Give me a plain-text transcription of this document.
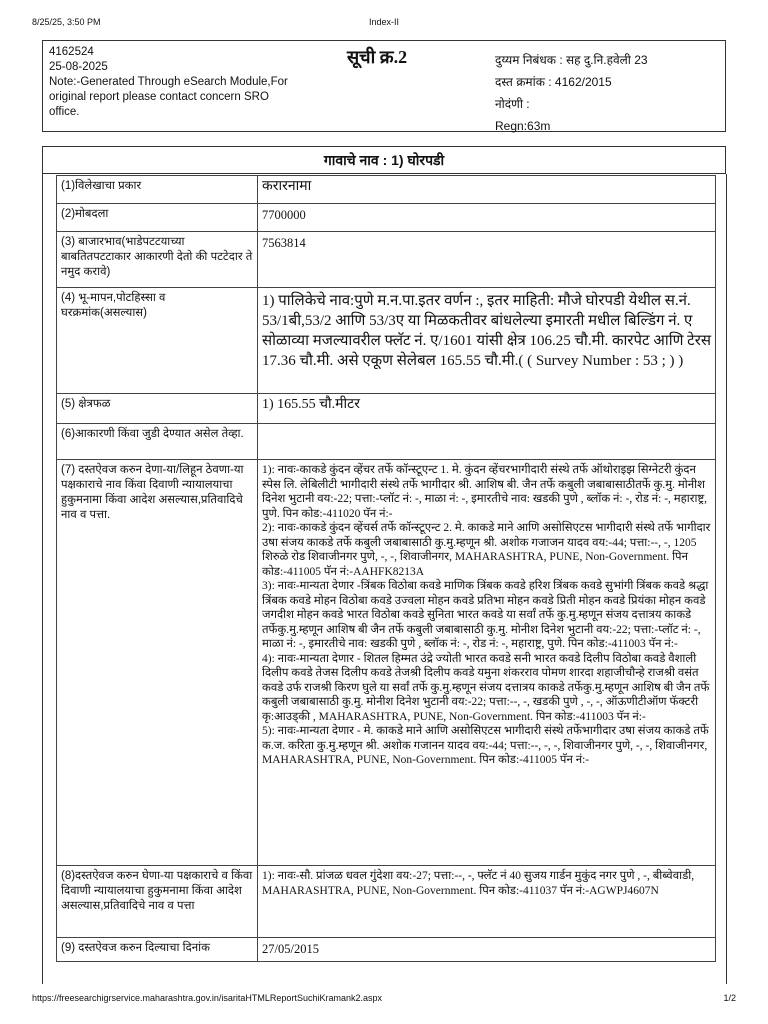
8/25/25, 3:50 PM	Index-II
4162524
25-08-2025
Note:-Generated Through eSearch Module,For original report please contact concern SRO office.
सूची क्र.2	दुय्यम निबंधक : सह दु.नि.हवेली 23
दस्त क्रमांक : 4162/2015
नोदंणी :
Regn:63m
गावाचे नाव : 1) घोरपडी
(1)विलेखाचा प्रकार	करारनामा
(2)मोबदला	7700000
(3) बाजारभाव(भाडेपटटयाच्या बाबतितपटटाकार आकारणी देतो की पटटेदार ते नमुद करावे)	7563814
(4) भू-मापन,पोटहिस्सा व घरक्रमांक(असल्यास)	1) पालिकेचे नाव:पुणे म.न.पा.इतर वर्णन :, इतर माहिती: मौजे घोरपडी येथील स.नं. 53/1बी,53/2 आणि 53/3ए या मिळकतीवर बांधलेल्या इमारती मधील बिल्डिंग नं. ए सोळाव्या मजल्यावरील फ्लॅट नं. ए/1601 यांसी क्षेत्र 106.25 चौ.मी. कारपेट आणि टेरस 17.36 चौ.मी. असे एकूण सेलेबल 165.55 चौ.मी.( ( Survey Number : 53 ; ) )
(5) क्षेत्रफळ	1) 165.55 चौ.मीटर
(6)आकारणी किंवा जुडी देण्यात असेल तेव्हा.	
(7) दस्तऐवज करुन देणा-या/लिहून ठेवणा-या पक्षकाराचे नाव किंवा दिवाणी न्यायालयाचा हुकुमनामा किंवा आदेश असल्यास,प्रतिवादिचे नाव व पत्ता.	1): नावः-काकडे कुंदन व्हेंचर तर्फे कॉन्स्टूएन्ट 1. मे. कुंदन व्हेंचरभागीदारी संस्थे तर्फे ऑथोराइझ सिग्नेटरी कुंदन स्पेस लि. लेबिलीटी भागीदारी संस्थे तर्फे भागीदार श्री. आशिष बी. जैन तर्फे कबुली जबाबासाठीतर्फे कु.मु. मोनीश दिनेश भुटानी वय:-22; पत्ता:-प्लॉट नं: -, माळा नं: -, इमारतीचे नाव: खडकी पुणे , ब्लॉक नं: -, रोड नं: -, महाराष्ट्र, पुणे. पिन कोड:-411020 पॅन नं:-

2): नावः-काकडे कुंदन व्हेंचर्स तर्फे कॉन्स्टूएन्ट 2. मे. काकडे माने आणि असोसिएटस भागीदारी संस्थे तर्फे भागीदार उषा संजय काकडे तर्फे कबुली जबाबासाठी कु.मु.म्हणून श्री. अशोक गजाजन यादव वय:-44; पत्ता:--, -, 1205 शिरुळे रोड शिवाजीनगर पुणे, -, -, शिवाजीनगर, MAHARASHTRA, PUNE, Non-Government. पिन कोड:-411005 पॅन नं:-AAHFK8213A

3): नावः-मान्यता देणार -त्रिंबक विठोबा कवडे माणिक त्रिंबक कवडे हरिश त्रिंबक कवडे सुभांगी त्रिंबक कवडे श्रद्धा त्रिंबक कवडे मोहन विठोबा कवडे उज्वला मोहन कवडे प्रतिभा मोहन कवडे प्रिती मोहन कवडे प्रियंका मोहन कवडे जगदीश मोहन कवडे भारत विठोबा कवडे सुनिता भारत कवडे या सर्वां तर्फे कु.मु.म्हणून संजय दत्तात्रय काकडे तर्फेकु.मु.म्हणून आशिष बी जैन तर्फे कबुली जबाबासाठी कु.मु. मोनीश दिनेश भुटानी वय:-22; पत्ता:-प्लॉट नं: -, माळा नं: -, इमारतीचे नाव: खडकी पुणे , ब्लॉक नं: -, रोड नं: -, महाराष्ट्र, पुणे. पिन कोड:-411003 पॅन नं:-

4): नावः-मान्यता देणार - शितल हिम्मत उंद्रे ज्योती भारत कवडे सनी भारत कवडे दिलीप विठोबा कवडे वैशाली दिलीप कवडे तेजस दिलीप कवडे तेजश्री दिलीप कवडे यमुना शंकरराव पोमण शारदा शहाजीचौन्हे राजश्री वसंत कवडे उर्फ राजश्री किरण घुले या सर्वां तर्फे कु.मु.म्हणून संजय दत्तात्रय काकडे तर्फेकु.मु.म्हणून आशिष बी जैन तर्फे कबुली जबाबासाठी कु.मु. मोनीश दिनेश भुटानी वय:-22; पत्ता:--, -, खडकी पुणे , -, -, ऑऊणीटीऑण फॅक्टरी कृ:आउड्की , MAHARASHTRA, PUNE, Non-Government. पिन कोड:-411003 पॅन नं:-

5): नावः-मान्यता देणार - मे. काकडे माने आणि असोसिएटस भागीदारी संस्थे तर्फेभागीदार उषा संजय काकडे तर्फे क.ज. करिता कु.मु.म्हणून श्री. अशोक गजानन यादव वय:-44; पत्ता:--, -, -, शिवाजीनगर पुणे, -, -, शिवाजीनगर, MAHARASHTRA, PUNE, Non-Government. पिन कोड:-411005 पॅन नं:-

(8)दस्तऐवज करुन घेणा-या पक्षकाराचे व किंवा दिवाणी न्यायालयाचा हुकुमनामा किंवा आदेश असल्यास,प्रतिवादिचे नाव व पत्ता	1): नावः-सौ. प्रांजळ धवल गुंदेशा वय:-27; पत्ता:--, -, फ्लॅट नं 40 सुजय गार्डन मुकुंद नगर पुणे , -, बीब्वेवाडी, MAHARASHTRA, PUNE, Non-Government. पिन कोड:-411037 पॅन नं:-AGWPJ4607N

(9) दस्तऐवज करुन दिल्याचा दिनांक	27/05/2015
https://freesearchigrservice.maharashtra.gov.in/isaritaHTMLReportSuchiKramank2.aspx	1/2
